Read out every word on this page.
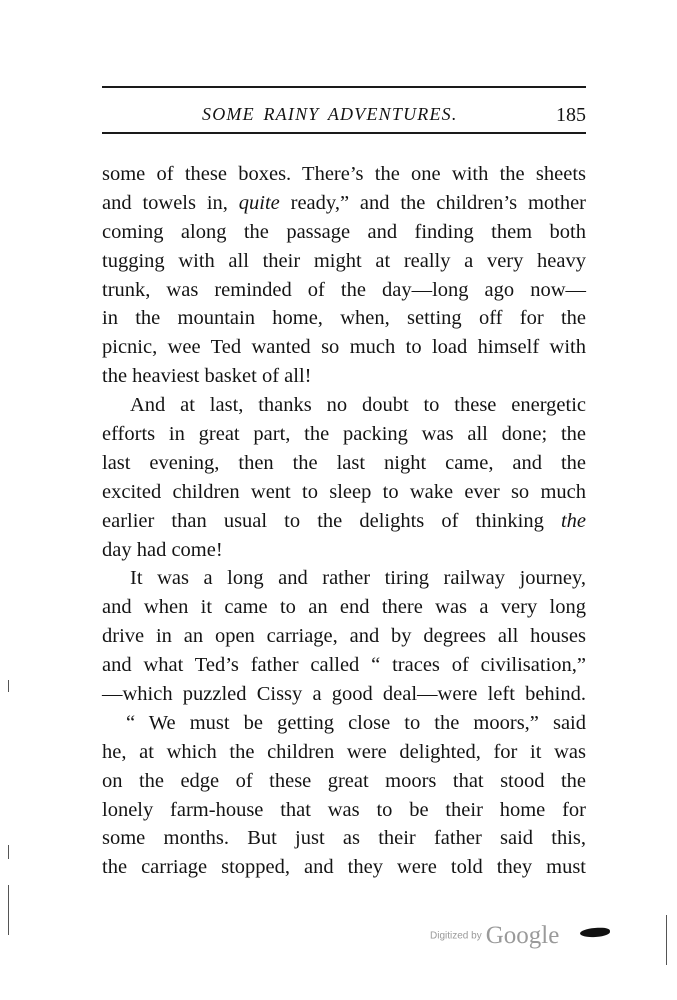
SOME RAINY ADVENTURES.	185
some of these boxes. There’s the one with the sheets
and towels in, quite ready,” and the children’s mother
coming along the passage and finding them both
tugging with all their might at really a very heavy
trunk, was reminded of the day—long ago now—
in the mountain home, when, setting off for the
picnic, wee Ted wanted so much to load himself with
the heaviest basket of all!
And at last, thanks no doubt to these energetic
efforts in great part, the packing was all done; the
last evening, then the last night came, and the
excited children went to sleep to wake ever so much
earlier than usual to the delights of thinking the
day had come!
It was a long and rather tiring railway journey,
and when it came to an end there was a very long
drive in an open carriage, and by degrees all houses
and what Ted’s father called “ traces of civilisation,”
—which puzzled Cissy a good deal—were left behind.
“ We must be getting close to the moors,” said
he, at which the children were delighted, for it was
on the edge of these great moors that stood the
lonely farm-house that was to be their home for
some months. But just as their father said this,
the carriage stopped, and they were told they must
Digitized by Google
